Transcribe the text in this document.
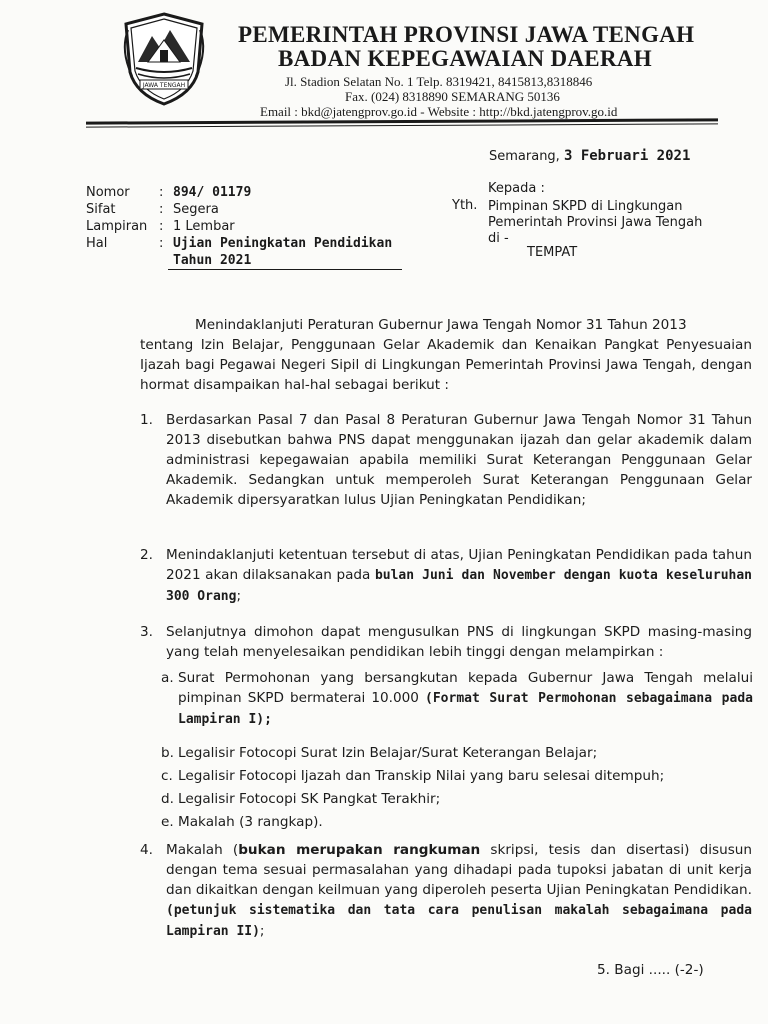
JAWA TENGAH
PEMERINTAH PROVINSI JAWA TENGAH
BADAN KEPEGAWAIAN DAERAH
Jl. Stadion Selatan No. 1 Telp. 8319421, 8415813,8318846
Fax. (024) 8318890 SEMARANG 50136
Email : bkd@jatengprov.go.id - Website : http://bkd.jatengprov.go.id
Semarang, 3 Februari 2021
Kepada :
Yth. Pimpinan SKPD di Lingkungan
Pemerintah Provinsi Jawa Tengah
di -
TEMPAT
Nomor	: 894/ 01179
Sifat	: Segera
Lampiran : 1 Lembar
Hal	: Ujian Peningkatan Pendidikan
Tahun 2021
Menindaklanjuti Peraturan Gubernur Jawa Tengah Nomor 31 Tahun 2013
tentang Izin Belajar, Penggunaan Gelar Akademik dan Kenaikan Pangkat Penyesuaian Ijazah bagi Pegawai Negeri Sipil di Lingkungan Pemerintah Provinsi Jawa Tengah, dengan hormat disampaikan hal-hal sebagai berikut :
1. Berdasarkan Pasal 7 dan Pasal 8 Peraturan Gubernur Jawa Tengah Nomor 31 Tahun 2013 disebutkan bahwa PNS dapat menggunakan ijazah dan gelar akademik dalam administrasi kepegawaian apabila memiliki Surat Keterangan Penggunaan Gelar Akademik. Sedangkan untuk memperoleh Surat Keterangan Penggunaan Gelar Akademik dipersyaratkan lulus Ujian Peningkatan Pendidikan;
2. Menindaklanjuti ketentuan tersebut di atas, Ujian Peningkatan Pendidikan pada tahun 2021 akan dilaksanakan pada bulan Juni dan November dengan kuota keseluruhan 300 Orang;
3. Selanjutnya dimohon dapat mengusulkan PNS di lingkungan SKPD masing-masing yang telah menyelesaikan pendidikan lebih tinggi dengan melampirkan :
a. Surat Permohonan yang bersangkutan kepada Gubernur Jawa Tengah melalui pimpinan SKPD bermaterai 10.000 (Format Surat Permohonan sebagaimana pada Lampiran I);
b. Legalisir Fotocopi Surat Izin Belajar/Surat Keterangan Belajar;
c. Legalisir Fotocopi Ijazah dan Transkip Nilai yang baru selesai ditempuh;
d. Legalisir Fotocopi SK Pangkat Terakhir;
e. Makalah (3 rangkap).
4. Makalah (bukan merupakan rangkuman skripsi, tesis dan disertasi) disusun dengan tema sesuai permasalahan yang dihadapi pada tupoksi jabatan di unit kerja dan dikaitkan dengan keilmuan yang diperoleh peserta Ujian Peningkatan Pendidikan. (petunjuk sistematika dan tata cara penulisan makalah sebagaimana pada Lampiran II);
5. Bagi ..... (-2-)
